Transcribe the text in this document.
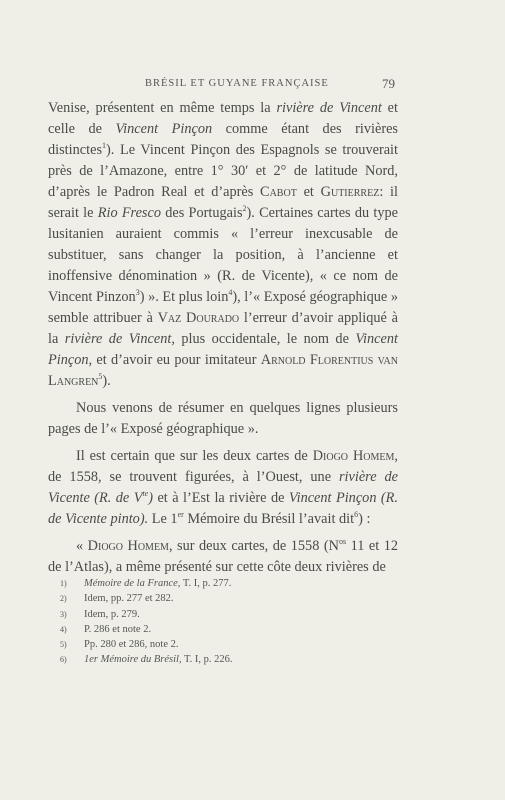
BRÉSIL ET GUYANE FRANÇAISE	79

Venise, présentent en même temps la rivière de Vincent et celle de Vincent Pinçon comme étant des rivières distinctes$^1$). Le Vincent Pinçon des Espagnols se trouverait près de l’Amazone, entre 1° 30′ et 2° de latitude Nord, d’après le Padron Real et d’après Cabot et Gutierrez: il serait le Rio Fresco des Portugais$^2$). Certaines cartes du type lusitanien auraient commis « l’erreur inexcusable de substituer, sans changer la position, à l’ancienne et inoffensive dénomination » (R. de Vicente), « ce nom de Vincent Pinzon$^3$) ». Et plus loin$^4$), l’« Exposé géographique » semble attribuer à Vaz Dourado l’erreur d’avoir appliqué à la rivière de Vincent, plus occidentale, le nom de Vincent Pinçon, et d’avoir eu pour imitateur Arnold Florentius van Langren$^5$).

Nous venons de résumer en quelques lignes plusieurs pages de l’« Exposé géographique ».

Il est certain que sur les deux cartes de Diogo Homem, de 1558, se trouvent figurées, à l’Ouest, une rivière de Vicente (R. de $V^{te}$) et à l’Est la rivière de Vincent Pinçon (R. de Vicente pinto). Le 1er Mémoire du Brésil l’avait dit$^6$) :

« Diogo Homem, sur deux cartes, de 1558 ($N^{os}$ 11 et 12 de l’Atlas), a même présenté sur cette côte deux rivières de

1) Mémoire de la France, T. I, p. 277.
2) Idem, pp. 277 et 282.
3) Idem, p. 279.
4) P. 286 et note 2.
5) Pp. 280 et 286, note 2.
6) 1er Mémoire du Brésil, T. I, p. 226.
